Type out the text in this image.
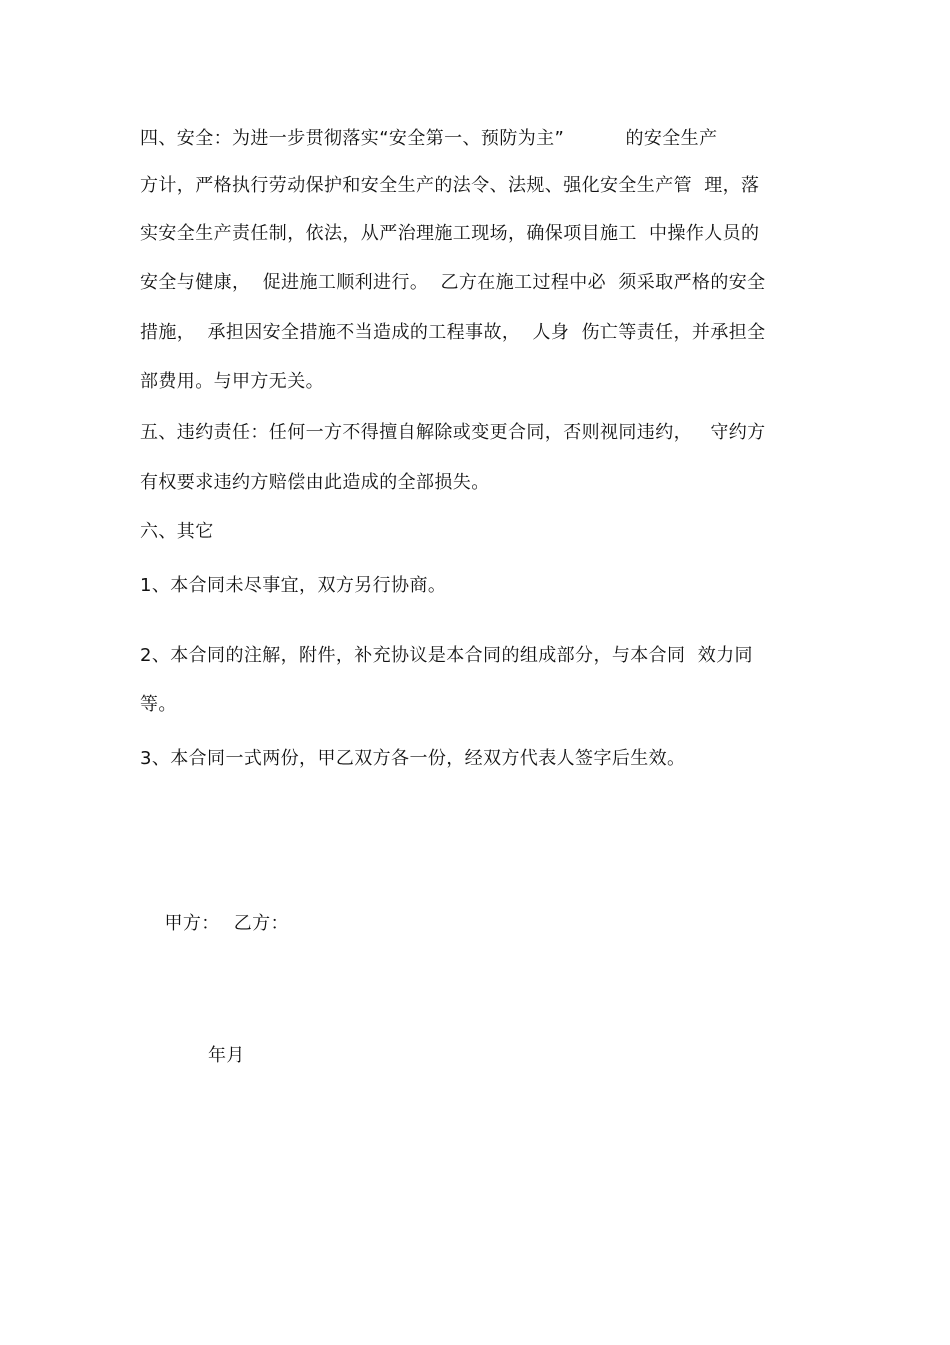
四、安全：为进一步贯彻落实“安全第一、预防为主”          的安全生产
方计，严格执行劳动保护和安全生产的法令、法规、强化安全生产管  理，落
实安全生产责任制，依法，从严治理施工现场，确保项目施工  中操作人员的
安全与健康，  促进施工顺利进行。  乙方在施工过程中必  须采取严格的安全
措施，  承担因安全措施不当造成的工程事故，  人身  伤亡等责任，并承担全
部费用。与甲方无关。
五、违约责任：任何一方不得擅自解除或变更合同，否则视同违约，   守约方
有权要求违约方赔偿由此造成的全部损失。
六、其它
1、本合同未尽事宜，双方另行协商。
2、本合同的注解，附件，补充协议是本合同的组成部分，与本合同  效力同
等。
3、本合同一式两份，甲乙双方各一份，经双方代表人签字后生效。

甲方： 乙方：

年月
